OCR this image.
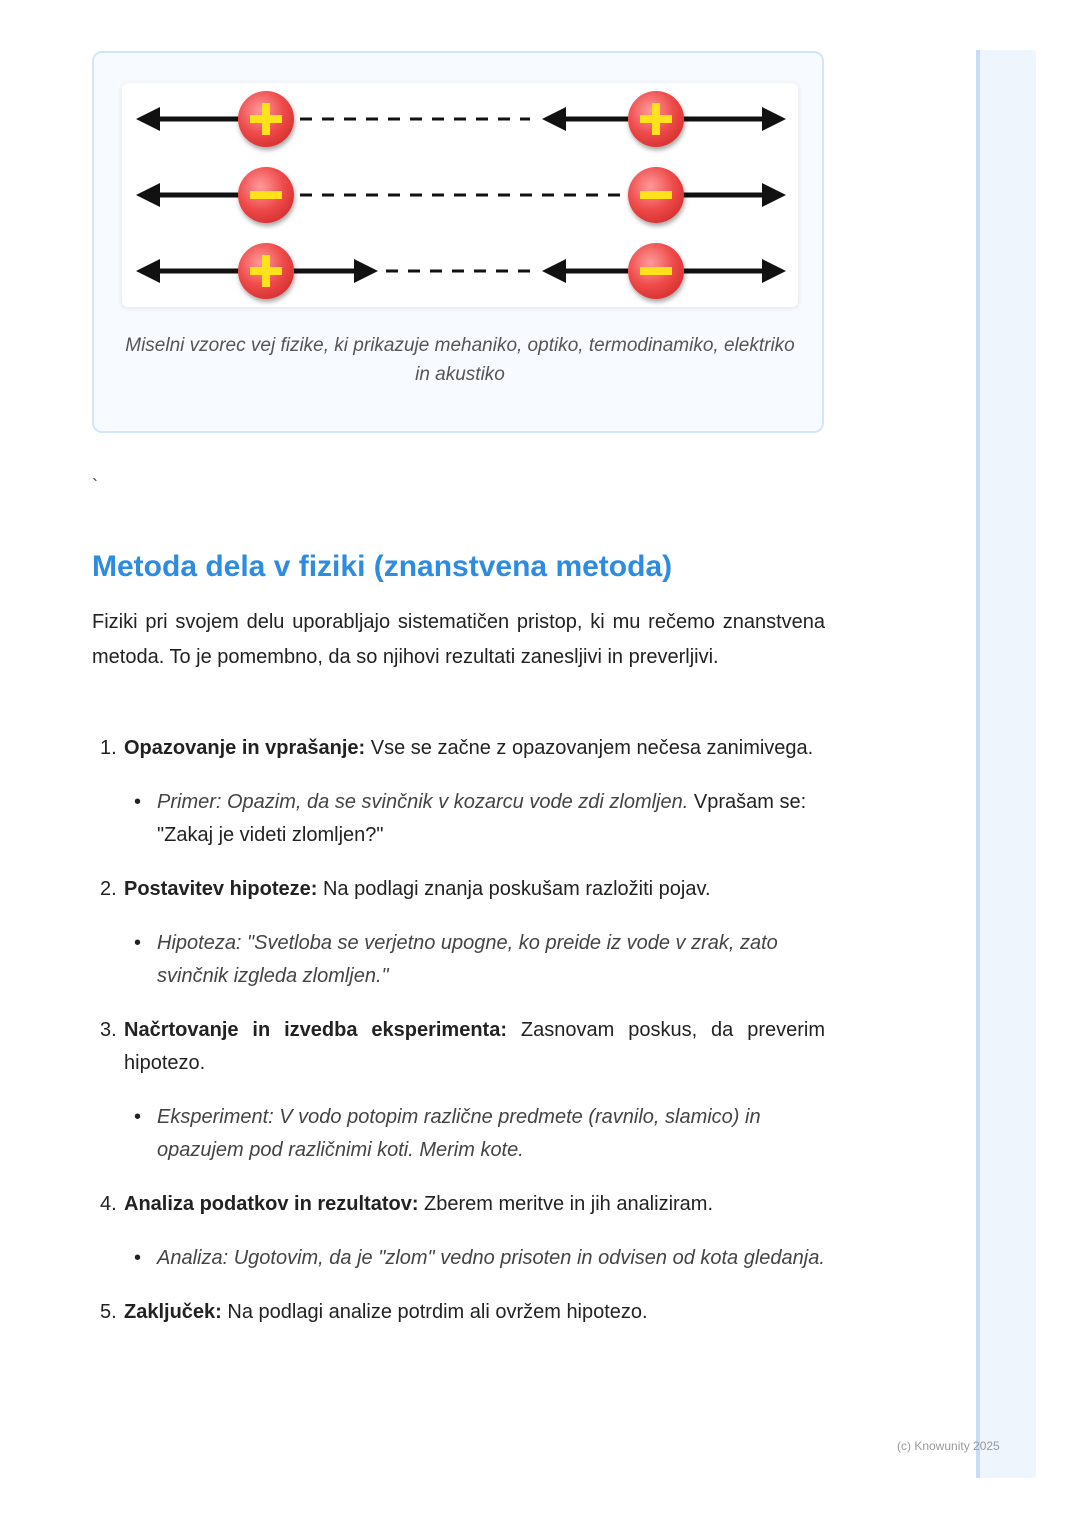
Miselni vzorec vej fizike, ki prikazuje mehaniko, optiko, termodinamiko, elektriko in akustiko
`
Metoda dela v fiziki (znanstvena metoda)

Fiziki pri svojem delu uporabljajo sistematičen pristop, ki mu rečemo znanstvena metoda. To je pomembno, da so njihovi rezultati zanesljivi in preverljivi.

1. Opazovanje in vprašanje: Vse se začne z opazovanjem nečesa zanimivega.
• Primer: Opazim, da se svinčnik v kozarcu vode zdi zlomljen. Vprašam se: "Zakaj je videti zlomljen?"
2. Postavitev hipoteze: Na podlagi znanja poskušam razložiti pojav.
• Hipoteza: "Svetloba se verjetno upogne, ko preide iz vode v zrak, zato svinčnik izgleda zlomljen."
3. Načrtovanje in izvedba eksperimenta: Zasnovam poskus, da preverim hipotezo.
• Eksperiment: V vodo potopim različne predmete (ravnilo, slamico) in opazujem pod različnimi koti. Merim kote.
4. Analiza podatkov in rezultatov: Zberem meritve in jih analiziram.
• Analiza: Ugotovim, da je "zlom" vedno prisoten in odvisen od kota gledanja.
5. Zaključek: Na podlagi analize potrdim ali ovržem hipotezo.
(c) Knowunity 2025
